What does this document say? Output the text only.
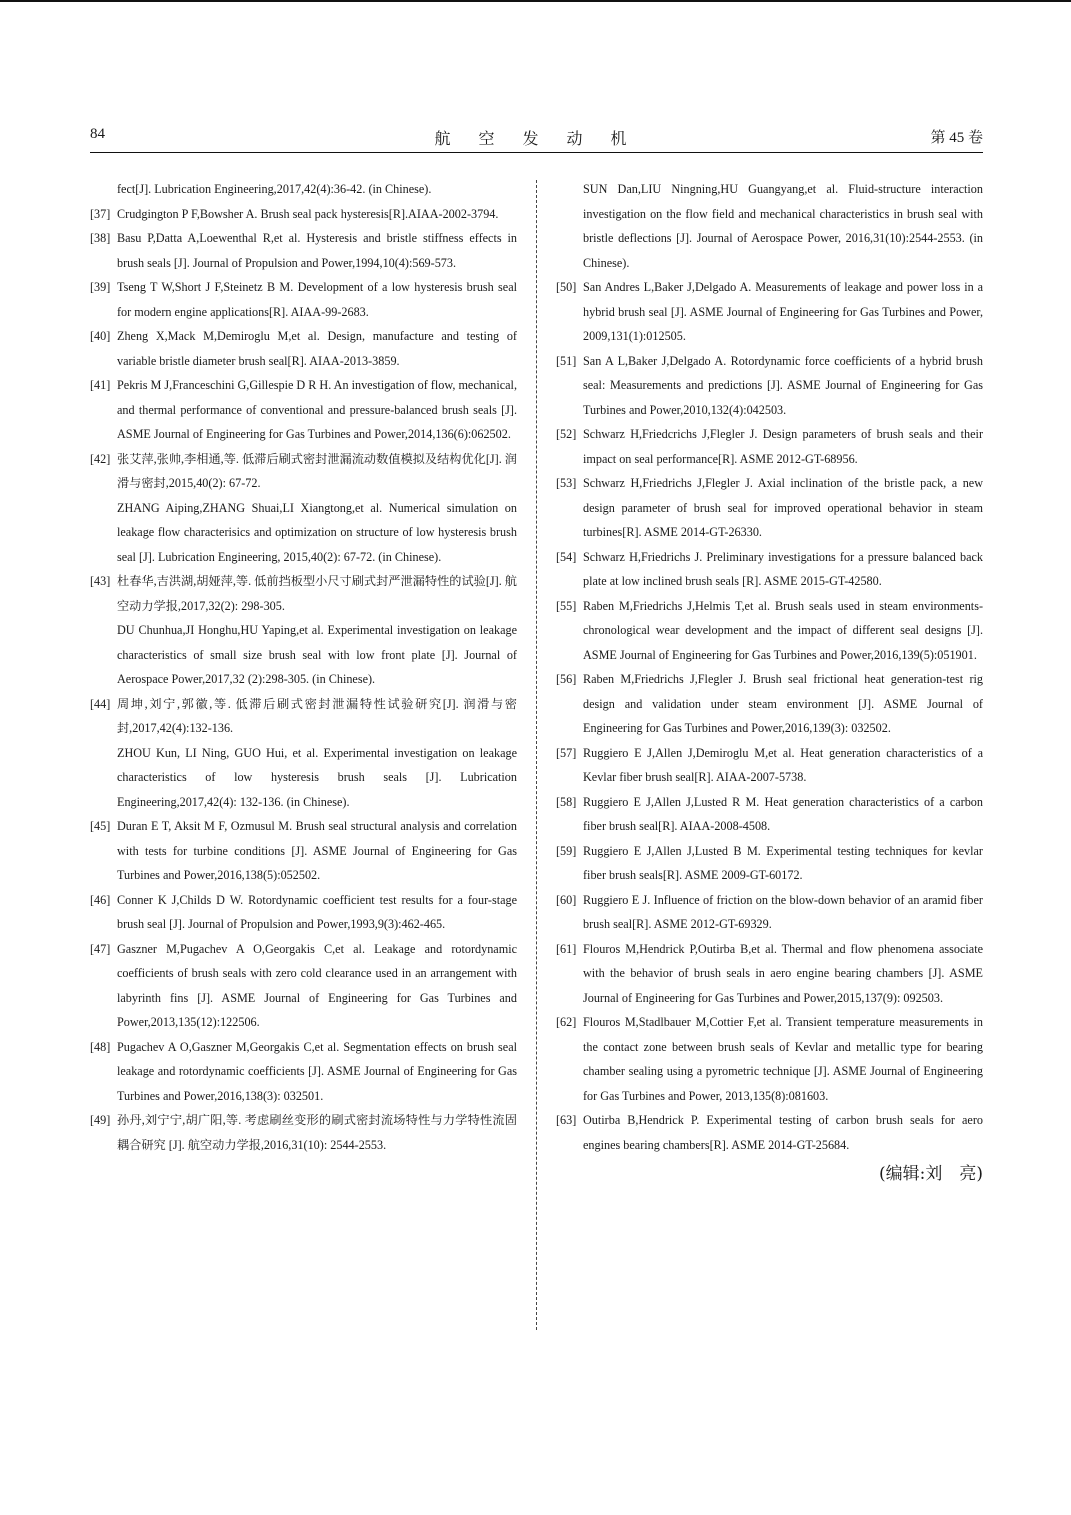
84	航 空 发 动 机	第 45 卷
fect[J]. Lubrication Engineering,2017,42(4):36-42. (in Chinese).
[37] Crudgington P F,Bowsher A. Brush seal pack hysteresis[R].AIAA-2002-3794.
[38] Basu P,Datta A,Loewenthal R,et al. Hysteresis and bristle stiffness effects in brush seals [J]. Journal of Propulsion and Power,1994,10(4):569-573.
[39] Tseng T W,Short J F,Steinetz B M. Development of a low hysteresis brush seal for modern engine applications[R]. AIAA-99-2683.
[40] Zheng X,Mack M,Demiroglu M,et al. Design, manufacture and testing of variable bristle diameter brush seal[R]. AIAA-2013-3859.
[41] Pekris M J,Franceschini G,Gillespie D R H. An investigation of flow, mechanical, and thermal performance of conventional and pressure-balanced brush seals [J]. ASME Journal of Engineering for Gas Turbines and Power,2014,136(6):062502.
[42] 张艾萍,张帅,李相通,等. 低滞后刷式密封泄漏流动数值模拟及结构优化[J]. 润滑与密封,2015,40(2): 67-72.
ZHANG Aiping,ZHANG Shuai,LI Xiangtong,et al. Numerical simulation on leakage flow characterisics and optimization on structure of low hysteresis brush seal [J]. Lubrication Engineering, 2015,40(2): 67-72. (in Chinese).
[43] 杜春华,吉洪湖,胡娅萍,等. 低前挡板型小尺寸刷式封严泄漏特性的试验[J]. 航空动力学报,2017,32(2): 298-305.
DU Chunhua,JI Honghu,HU Yaping,et al. Experimental investigation on leakage characteristics of small size brush seal with low front plate [J]. Journal of Aerospace Power,2017,32 (2):298-305. (in Chinese).
[44] 周坤,刘宁,郭徽,等. 低滞后刷式密封泄漏特性试验研究[J]. 润滑与密封,2017,42(4):132-136.
ZHOU Kun, LI Ning, GUO Hui, et al. Experimental investigation on leakage characteristics of low hysteresis brush seals [J]. Lubrication Engineering,2017,42(4): 132-136. (in Chinese).
[45] Duran E T, Aksit M F, Ozmusul M. Brush seal structural analysis and correlation with tests for turbine conditions [J]. ASME Journal of Engineering for Gas Turbines and Power,2016,138(5):052502.
[46] Conner K J,Childs D W. Rotordynamic coefficient test results for a four-stage brush seal [J]. Journal of Propulsion and Power,1993,9(3):462-465.
[47] Gaszner M,Pugachev A O,Georgakis C,et al. Leakage and rotordynamic coefficients of brush seals with zero cold clearance used in an arrangement with labyrinth fins [J]. ASME Journal of Engineering for Gas Turbines and Power,2013,135(12):122506.
[48] Pugachev A O,Gaszner M,Georgakis C,et al. Segmentation effects on brush seal leakage and rotordynamic coefficients [J]. ASME Journal of Engineering for Gas Turbines and Power,2016,138(3): 032501.
[49] 孙丹,刘宁宁,胡广阳,等. 考虑刷丝变形的刷式密封流场特性与力学特性流固耦合研究 [J]. 航空动力学报,2016,31(10): 2544-2553.
SUN Dan,LIU Ningning,HU Guangyang,et al. Fluid-structure interaction investigation on the flow field and mechanical characteristics in brush seal with bristle deflections [J]. Journal of Aerospace Power, 2016,31(10):2544-2553. (in Chinese).
[50] San Andres L,Baker J,Delgado A. Measurements of leakage and power loss in a hybrid brush seal [J]. ASME Journal of Engineering for Gas Turbines and Power, 2009,131(1):012505.
[51] San A L,Baker J,Delgado A. Rotordynamic force coefficients of a hybrid brush seal: Measurements and predictions [J]. ASME Journal of Engineering for Gas Turbines and Power,2010,132(4):042503.
[52] Schwarz H,Friedcrichs J,Flegler J. Design parameters of brush seals and their impact on seal performance[R]. ASME 2012-GT-68956.
[53] Schwarz H,Friedrichs J,Flegler J. Axial inclination of the bristle pack, a new design parameter of brush seal for improved operational behavior in steam turbines[R]. ASME 2014-GT-26330.
[54] Schwarz H,Friedrichs J. Preliminary investigations for a pressure balanced back plate at low inclined brush seals [R]. ASME 2015-GT-42580.
[55] Raben M,Friedrichs J,Helmis T,et al. Brush seals used in steam environments-chronological wear development and the impact of different seal designs [J]. ASME Journal of Engineering for Gas Turbines and Power,2016,139(5):051901.
[56] Raben M,Friedrichs J,Flegler J. Brush seal frictional heat generation-test rig design and validation under steam environment [J]. ASME Journal of Engineering for Gas Turbines and Power,2016,139(3): 032502.
[57] Ruggiero E J,Allen J,Demiroglu M,et al. Heat generation characteristics of a Kevlar fiber brush seal[R]. AIAA-2007-5738.
[58] Ruggiero E J,Allen J,Lusted R M. Heat generation characteristics of a carbon fiber brush seal[R]. AIAA-2008-4508.
[59] Ruggiero E J,Allen J,Lusted B M. Experimental testing techniques for kevlar fiber brush seals[R]. ASME 2009-GT-60172.
[60] Ruggiero E J. Influence of friction on the blow-down behavior of an aramid fiber brush seal[R]. ASME 2012-GT-69329.
[61] Flouros M,Hendrick P,Outirba B,et al. Thermal and flow phenomena associate with the behavior of brush seals in aero engine bearing chambers [J]. ASME Journal of Engineering for Gas Turbines and Power,2015,137(9): 092503.
[62] Flouros M,Stadlbauer M,Cottier F,et al. Transient temperature measurements in the contact zone between brush seals of Kevlar and metallic type for bearing chamber sealing using a pyrometric technique [J]. ASME Journal of Engineering for Gas Turbines and Power, 2013,135(8):081603.
[63] Outirba B,Hendrick P. Experimental testing of carbon brush seals for aero engines bearing chambers[R]. ASME 2014-GT-25684.
(编辑:刘　亮)
